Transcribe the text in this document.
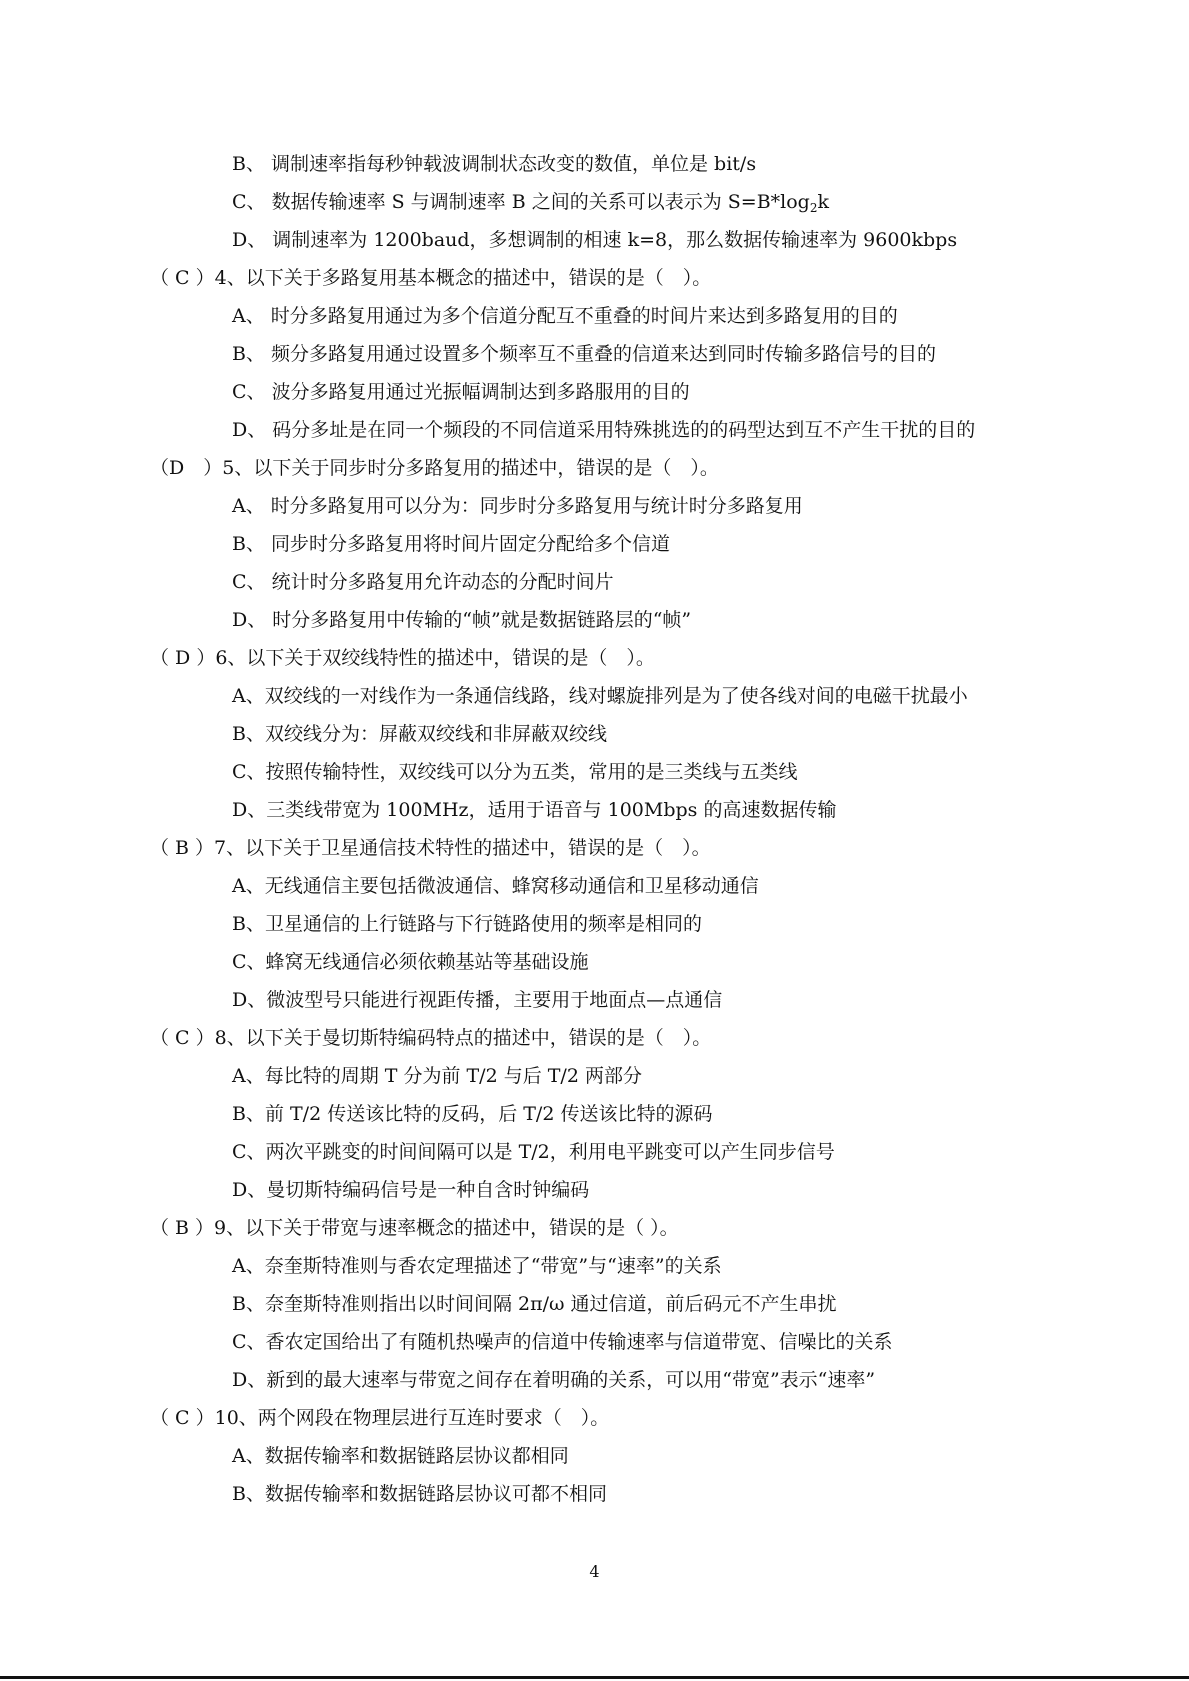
B、 调制速率指每秒钟载波调制状态改变的数值，单位是 bit/s
C、 数据传输速率 S 与调制速率 B 之间的关系可以表示为 $S=B*\log_2k$
D、 调制速率为 1200baud，多想调制的相速 k=8，那么数据传输速率为 9600kbps
（ C ）4、以下关于多路复用基本概念的描述中，错误的是（　）。
A、 时分多路复用通过为多个信道分配互不重叠的时间片来达到多路复用的目的
B、 频分多路复用通过设置多个频率互不重叠的信道来达到同时传输多路信号的目的
C、 波分多路复用通过光振幅调制达到多路服用的目的
D、 码分多址是在同一个频段的不同信道采用特殊挑选的的码型达到互不产生干扰的目的
（D　）5、以下关于同步时分多路复用的描述中，错误的是（　）。
A、 时分多路复用可以分为：同步时分多路复用与统计时分多路复用
B、 同步时分多路复用将时间片固定分配给多个信道
C、 统计时分多路复用允许动态的分配时间片
D、 时分多路复用中传输的“帧”就是数据链路层的“帧”
（ D ）6、以下关于双绞线特性的描述中，错误的是（　）。
A、双绞线的一对线作为一条通信线路，线对螺旋排列是为了使各线对间的电磁干扰最小
B、双绞线分为：屏蔽双绞线和非屏蔽双绞线
C、按照传输特性，双绞线可以分为五类，常用的是三类线与五类线
D、三类线带宽为 100MHz，适用于语音与 100Mbps 的高速数据传输
（ B ）7、以下关于卫星通信技术特性的描述中，错误的是（　）。
A、无线通信主要包括微波通信、蜂窝移动通信和卫星移动通信
B、卫星通信的上行链路与下行链路使用的频率是相同的
C、蜂窝无线通信必须依赖基站等基础设施
D、微波型号只能进行视距传播，主要用于地面点—点通信
（ C ）8、以下关于曼切斯特编码特点的描述中，错误的是（　）。
A、每比特的周期 T 分为前 T/2 与后 T/2 两部分
B、前 T/2 传送该比特的反码，后 T/2 传送该比特的源码
C、两次平跳变的时间间隔可以是 T/2，利用电平跳变可以产生同步信号
D、曼切斯特编码信号是一种自含时钟编码
（ B ）9、以下关于带宽与速率概念的描述中，错误的是（ ）。
A、奈奎斯特准则与香农定理描述了“带宽”与“速率”的关系
B、奈奎斯特准则指出以时间间隔 2π/ω 通过信道，前后码元不产生串扰
C、香农定国给出了有随机热噪声的信道中传输速率与信道带宽、信噪比的关系
D、新到的最大速率与带宽之间存在着明确的关系，可以用“带宽”表示“速率”
（ C ）10、两个网段在物理层进行互连时要求（　）。
A、数据传输率和数据链路层协议都相同
B、数据传输率和数据链路层协议可都不相同
4
